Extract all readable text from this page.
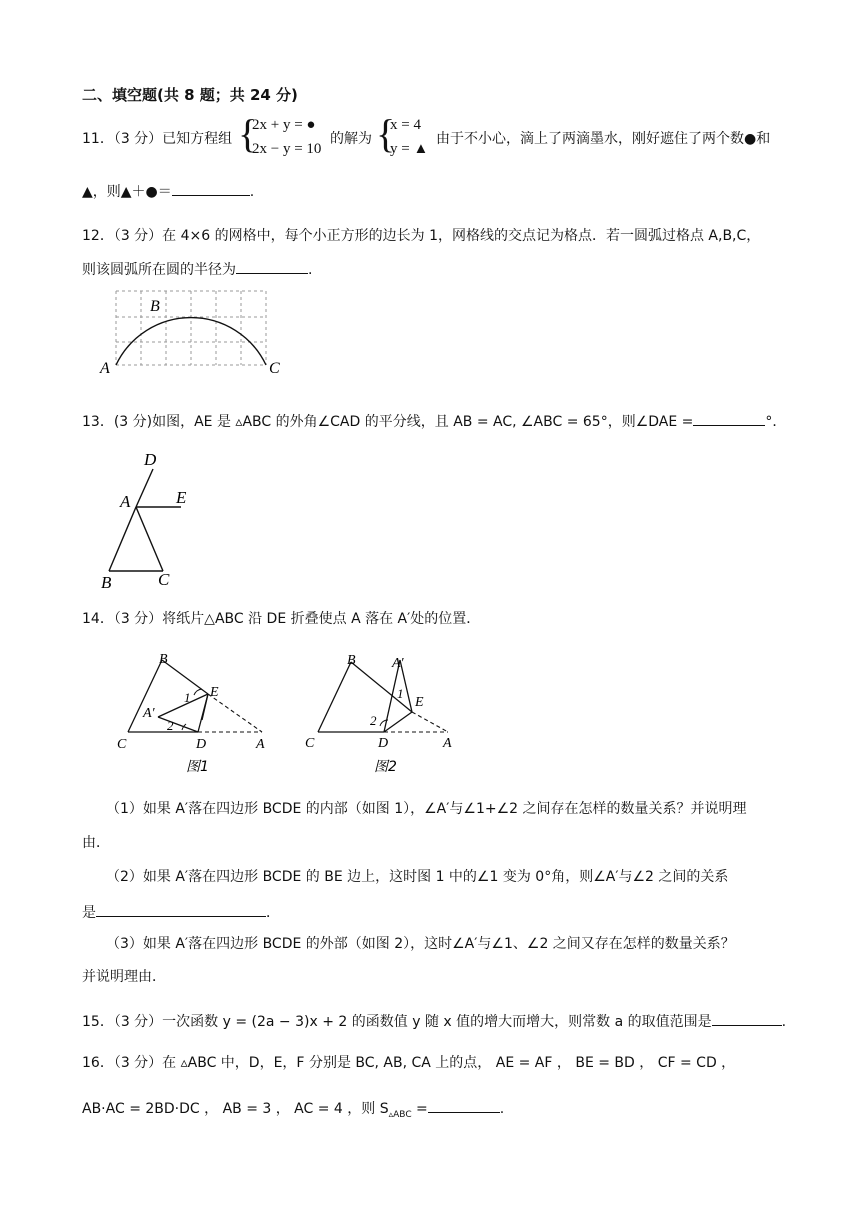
二、填空题(共 8 题；共 24 分)
11．（3 分）已知方程组 {
2x + y = ●
2x − y = 10
的解为 {
x = 4
y = ▲
由于不小心，滴上了两滴墨水，刚好遮住了两个数●和
▲，则▲＋●＝	.
12．（3 分）在 4×6 的网格中，每个小正方形的边长为 1，网格线的交点记为格点．若一圆弧过格点 A,B,C，
则该圆弧所在圆的半径为	.
A
B
C
13．(3 分)如图，AE 是 ▵ABC 的外角∠CAD 的平分线，且 AB = AC, ∠ABC = 65°，则∠DAE =	°．
D
A	E
B	C
14．（3 分）将纸片△ABC 沿 DE 折叠使点 A 落在 A′处的位置．
B
E
1
A′
2
C	D	A
图1
B	A′
1
E
2
C	D	A
图2
（1）如果 A′落在四边形 BCDE 的内部（如图 1），∠A′与∠1+∠2 之间存在怎样的数量关系？并说明理
由．
（2）如果 A′落在四边形 BCDE 的 BE 边上，这时图 1 中的∠1 变为 0°角，则∠A′与∠2 之间的关系
是	．
（3）如果 A′落在四边形 BCDE 的外部（如图 2），这时∠A′与∠1、∠2 之间又存在怎样的数量关系？
并说明理由．
15．（3 分）一次函数 y = (2a − 3)x + 2 的函数值 y 随 x 值的增大而增大，则常数 a 的取值范围是	.
16．（3 分）在 ▵ABC 中，D，E，F 分别是 BC, AB, CA 上的点， AE = AF ， BE = BD ， CF = CD ，
AB·AC = 2BD·DC ， AB = 3 ， AC = 4 ，则 $S_{▵ABC}$ =	.
